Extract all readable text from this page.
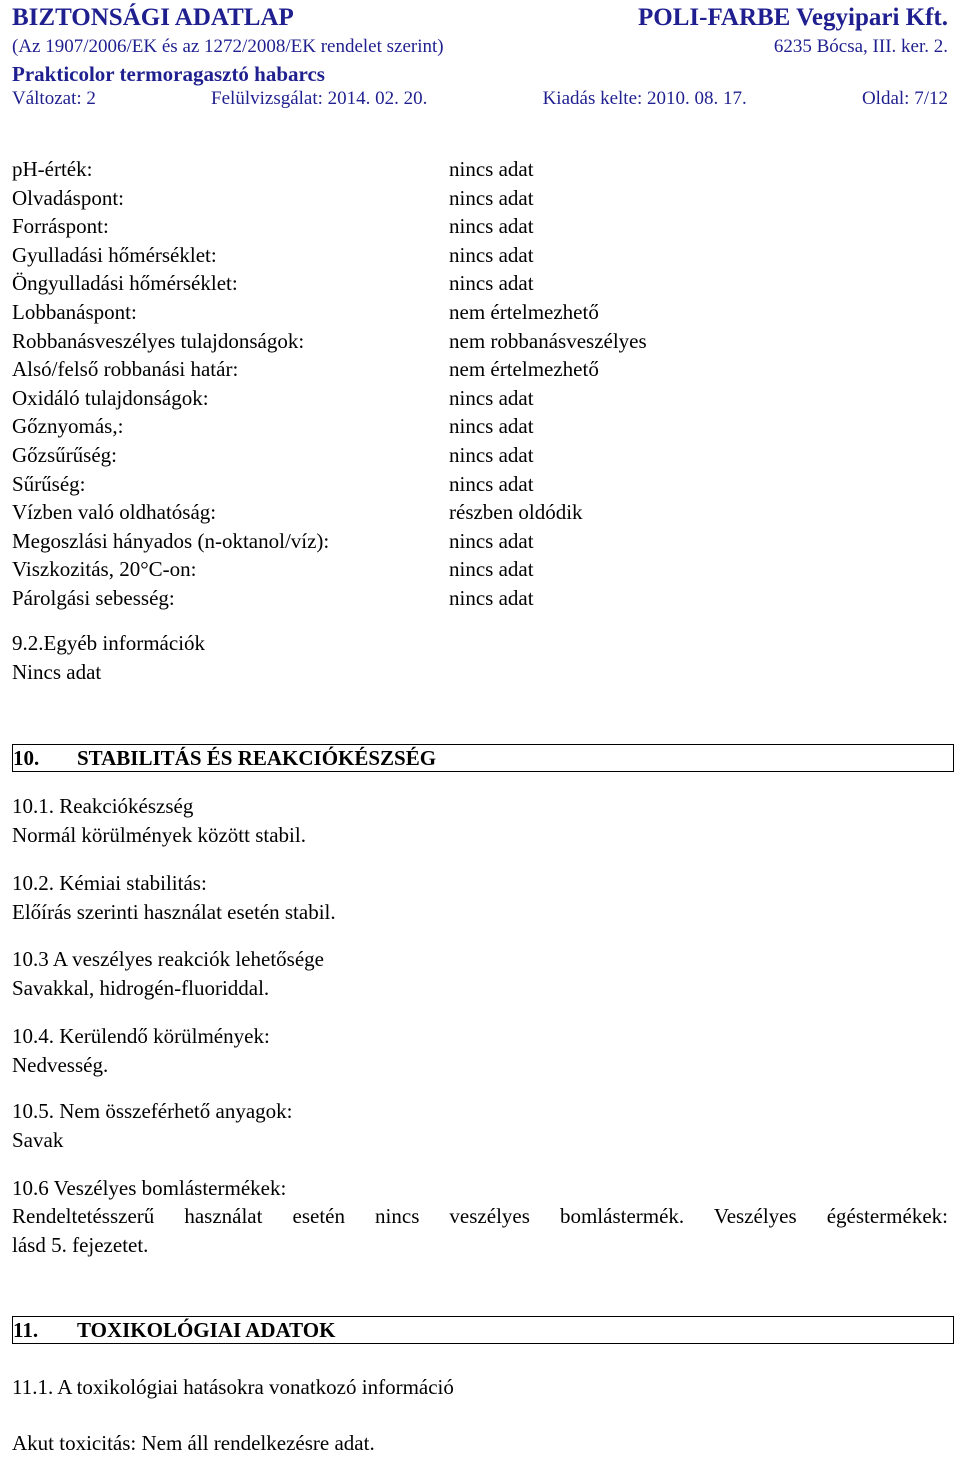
BIZTONSÁGI ADATLAP	POLI-FARBE Vegyipari Kft.
(Az 1907/2006/EK és az 1272/2008/EK rendelet szerint)	6235 Bócsa, III. ker. 2.
Prakticolor termoragasztó habarcs
Változat: 2	Felülvizsgálat: 2014. 02. 20.	Kiadás kelte: 2010. 08. 17.	Oldal: 7/12
pH-érték:	nincs adat
Olvadáspont:	nincs adat
Forráspont:	nincs adat
Gyulladási hőmérséklet:	nincs adat
Öngyulladási hőmérséklet:	nincs adat
Lobbanáspont:	nem értelmezhető
Robbanásveszélyes tulajdonságok:	nem robbanásveszélyes
Alsó/felső robbanási határ:	nem értelmezhető
Oxidáló tulajdonságok:	nincs adat
Gőznyomás,:	nincs adat
Gőzsűrűség:	nincs adat
Sűrűség:	nincs adat
Vízben való oldhatóság:	részben oldódik
Megoszlási hányados (n-oktanol/víz):	nincs adat
Viszkozitás, 20°C-on:	nincs adat
Párolgási sebesség:	nincs adat
9.2.Egyéb információk
Nincs adat
10. STABILITÁS ÉS REAKCIÓKÉSZSÉG
10.1. Reakciókészség
Normál körülmények között stabil.
10.2. Kémiai stabilitás:
Előírás szerinti használat esetén stabil.
10.3 A veszélyes reakciók lehetősége
Savakkal, hidrogén-fluoriddal.
10.4. Kerülendő körülmények:
Nedvesség.
10.5. Nem összeférhető anyagok:
Savak
10.6 Veszélyes bomlástermékek:
Rendeltetésszerű használat esetén nincs veszélyes bomlástermék. Veszélyes égéstermékek:
lásd 5. fejezetet.
11. TOXIKOLÓGIAI ADATOK
11.1. A toxikológiai hatásokra vonatkozó információ
Akut toxicitás: Nem áll rendelkezésre adat.
